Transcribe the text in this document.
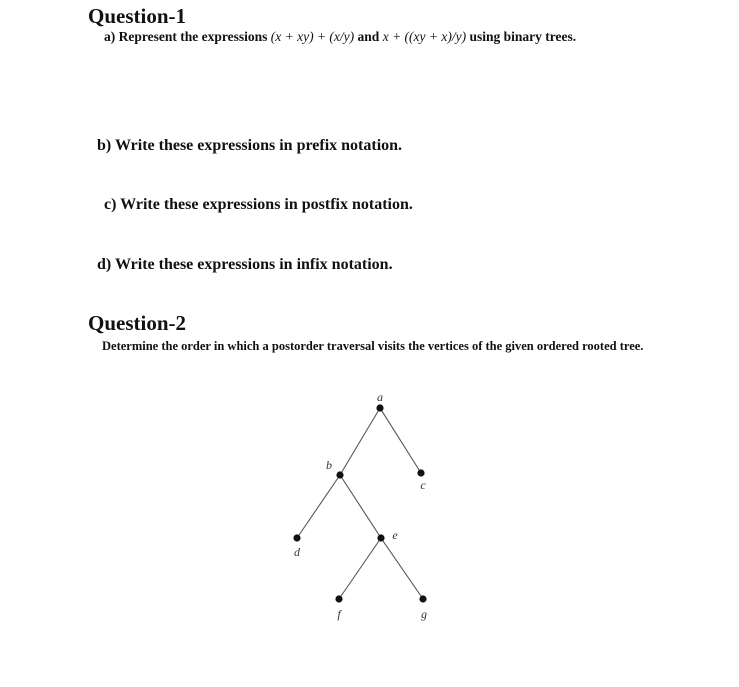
Question-1
a) Represent the expressions (x + xy) + (x/y) and x + ((xy + x)/y) using binary trees.
b) Write these expressions in prefix notation.
c) Write these expressions in postfix notation.
d) Write these expressions in infix notation.
Question-2
Determine the order in which a postorder traversal visits the vertices of the given ordered rooted tree.
a
b
c
d
e
f	g
